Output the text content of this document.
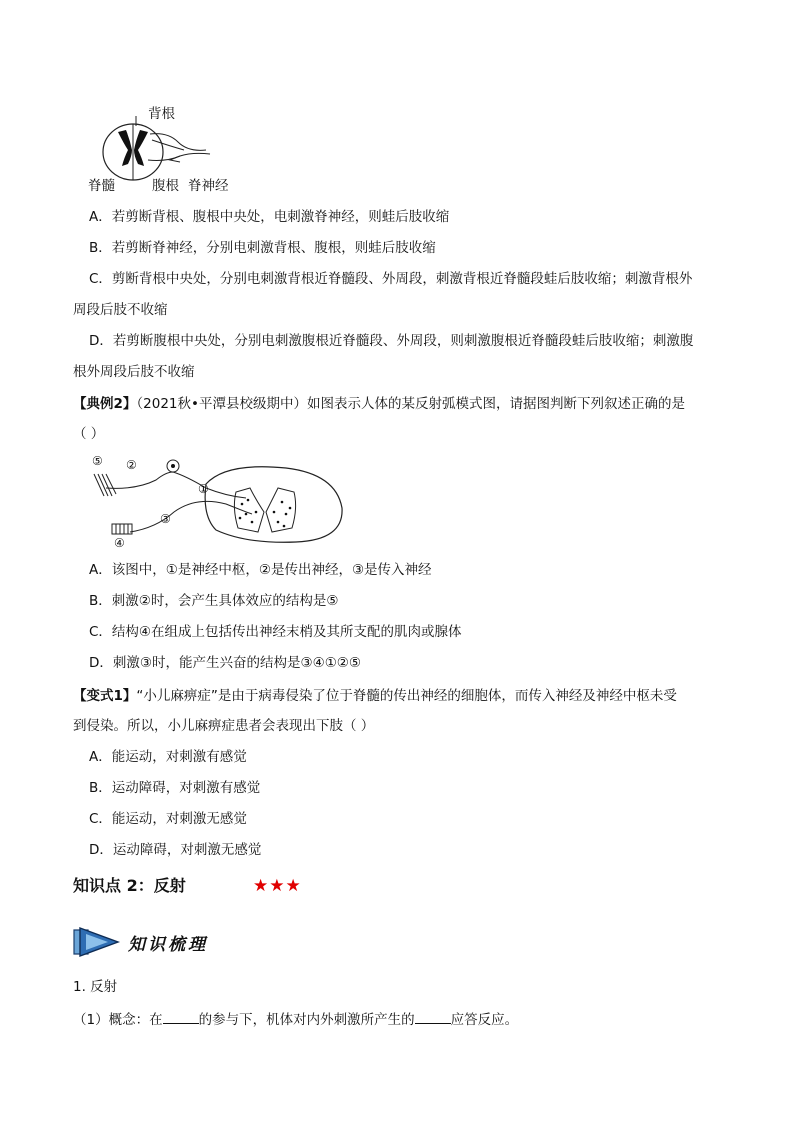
背根
脊髓	腹根 脊神经
A．若剪断背根、腹根中央处，电刺激脊神经，则蛙后肢收缩
B．若剪断脊神经，分别电刺激背根、腹根，则蛙后肢收缩
C．剪断背根中央处，分别电刺激背根近脊髓段、外周段，刺激背根近脊髓段蛙后肢收缩；刺激背根外
周段后肢不收缩
D．若剪断腹根中央处，分别电刺激腹根近脊髓段、外周段，则刺激腹根近脊髓段蛙后肢收缩；刺激腹
根外周段后肢不收缩
【典例2】（2021秋•平潭县校级期中）如图表示人体的某反射弧模式图，请据图判断下列叙述正确的是
（ ）
⑤ ②
①
③
④
A．该图中，①是神经中枢，②是传出神经，③是传入神经
B．刺激②时，会产生具体效应的结构是⑤
C．结构④在组成上包括传出神经末梢及其所支配的肌肉或腺体
D．刺激③时，能产生兴奋的结构是③④①②⑤
【变式1】“小儿麻痹症”是由于病毒侵染了位于脊髓的传出神经的细胞体，而传入神经及神经中枢未受
到侵染。所以，小儿麻痹症患者会表现出下肢（ ）
A．能运动，对刺激有感觉
B．运动障碍，对刺激有感觉
C．能运动，对刺激无感觉
D．运动障碍，对刺激无感觉
知识点 2：反射	★★★
知识梳理
1. 反射
（1）概念：在	的参与下，机体对内外刺激所产生的	应答反应。
